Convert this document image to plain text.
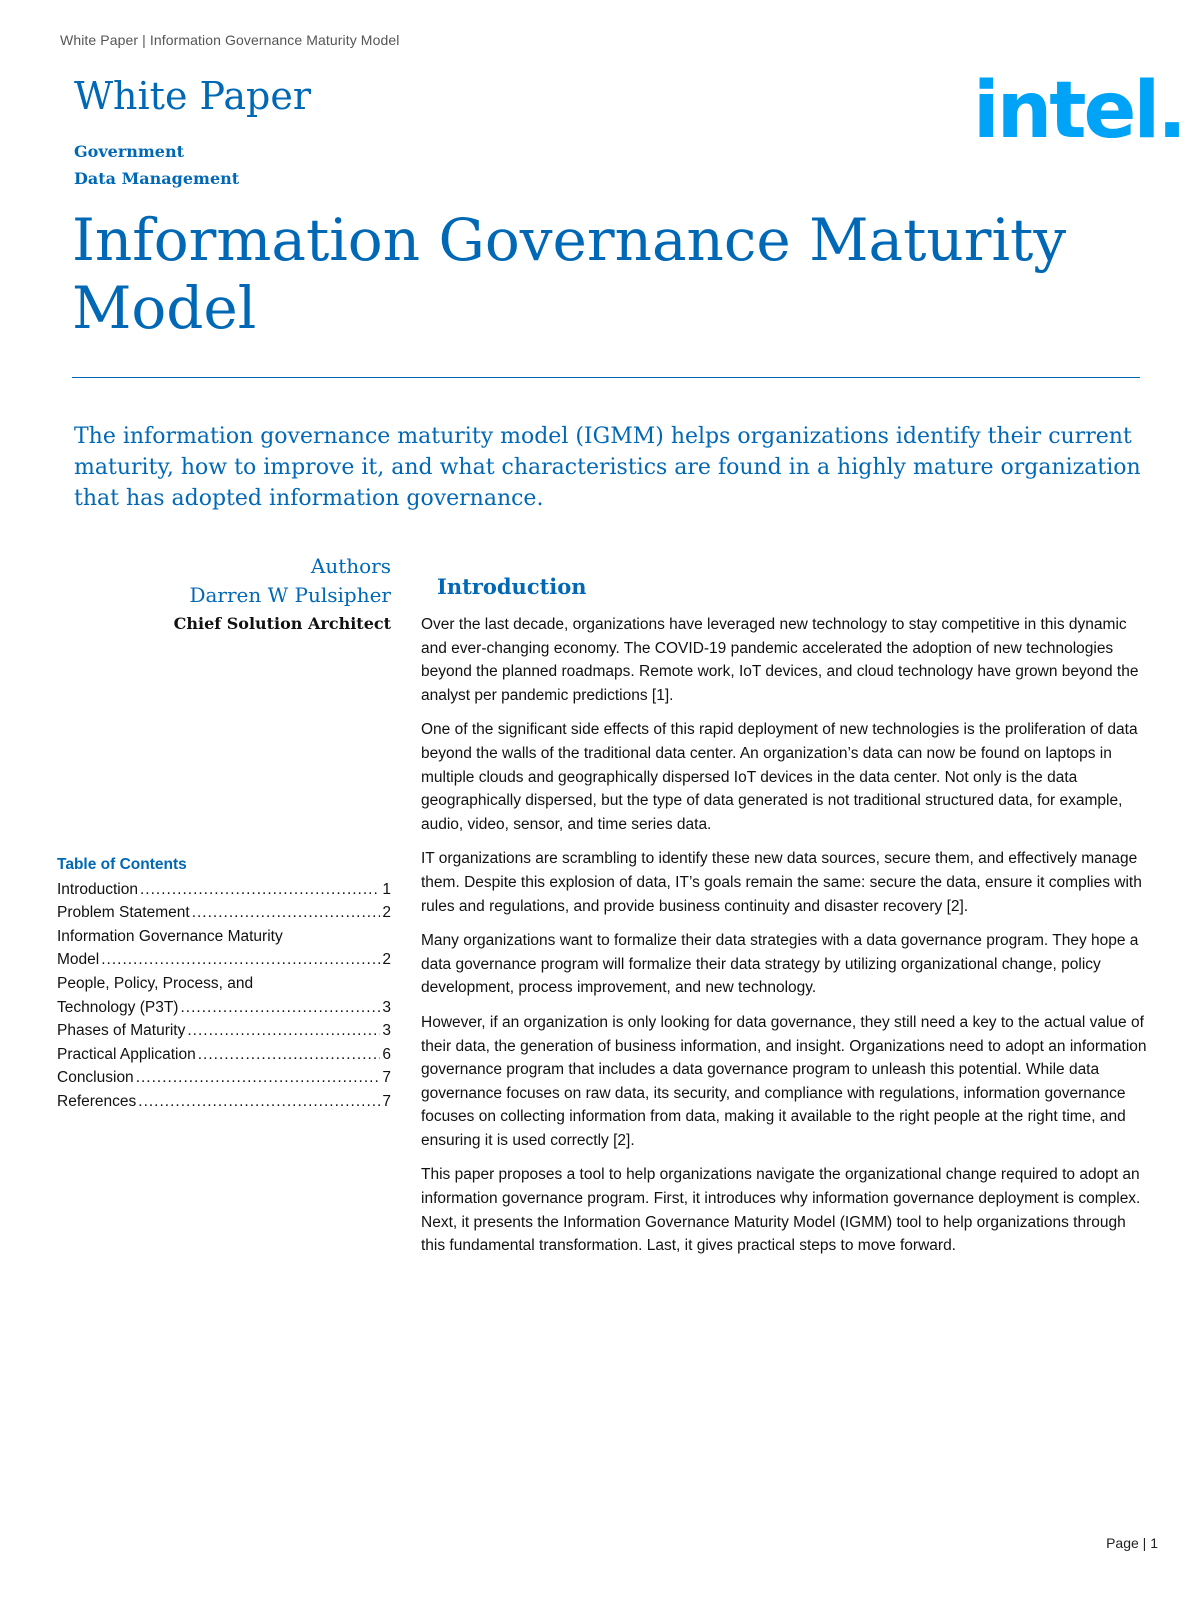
White Paper | Information Governance Maturity Model
White Paper
Government
Data Management
intel.
Information Governance Maturity Model

The information governance maturity model (IGMM) helps organizations identify their current maturity, how to improve it, and what characteristics are found in a highly mature organization that has adopted information governance.

Authors
Darren W Pulsipher
Chief Solution Architect
Table of Contents
Introduction .....	1
Problem Statement .....	2
Information Governance Maturity
Model .....	2
People, Policy, Process, and
Technology (P3T) .....	3
Phases of Maturity .....	3
Practical Application .....	6
Conclusion .....	7
References .....	7
Introduction

Over the last decade, organizations have leveraged new technology to stay competitive in this dynamic and ever-changing economy. The COVID-19 pandemic accelerated the adoption of new technologies beyond the planned roadmaps. Remote work, IoT devices, and cloud technology have grown beyond the analyst per pandemic predictions [1].

One of the significant side effects of this rapid deployment of new technologies is the proliferation of data beyond the walls of the traditional data center. An organization’s data can now be found on laptops in multiple clouds and geographically dispersed IoT devices in the data center. Not only is the data geographically dispersed, but the type of data generated is not traditional structured data, for example, audio, video, sensor, and time series data.

IT organizations are scrambling to identify these new data sources, secure them, and effectively manage them. Despite this explosion of data, IT’s goals remain the same: secure the data, ensure it complies with rules and regulations, and provide business continuity and disaster recovery [2].

Many organizations want to formalize their data strategies with a data governance program. They hope a data governance program will formalize their data strategy by utilizing organizational change, policy development, process improvement, and new technology.

However, if an organization is only looking for data governance, they still need a key to the actual value of their data, the generation of business information, and insight. Organizations need to adopt an information governance program that includes a data governance program to unleash this potential. While data governance focuses on raw data, its security, and compliance with regulations, information governance focuses on collecting information from data, making it available to the right people at the right time, and ensuring it is used correctly [2].

This paper proposes a tool to help organizations navigate the organizational change required to adopt an information governance program. First, it introduces why information governance deployment is complex. Next, it presents the Information Governance Maturity Model (IGMM) tool to help organizations through this fundamental transformation. Last, it gives practical steps to move forward.

Page | 1
